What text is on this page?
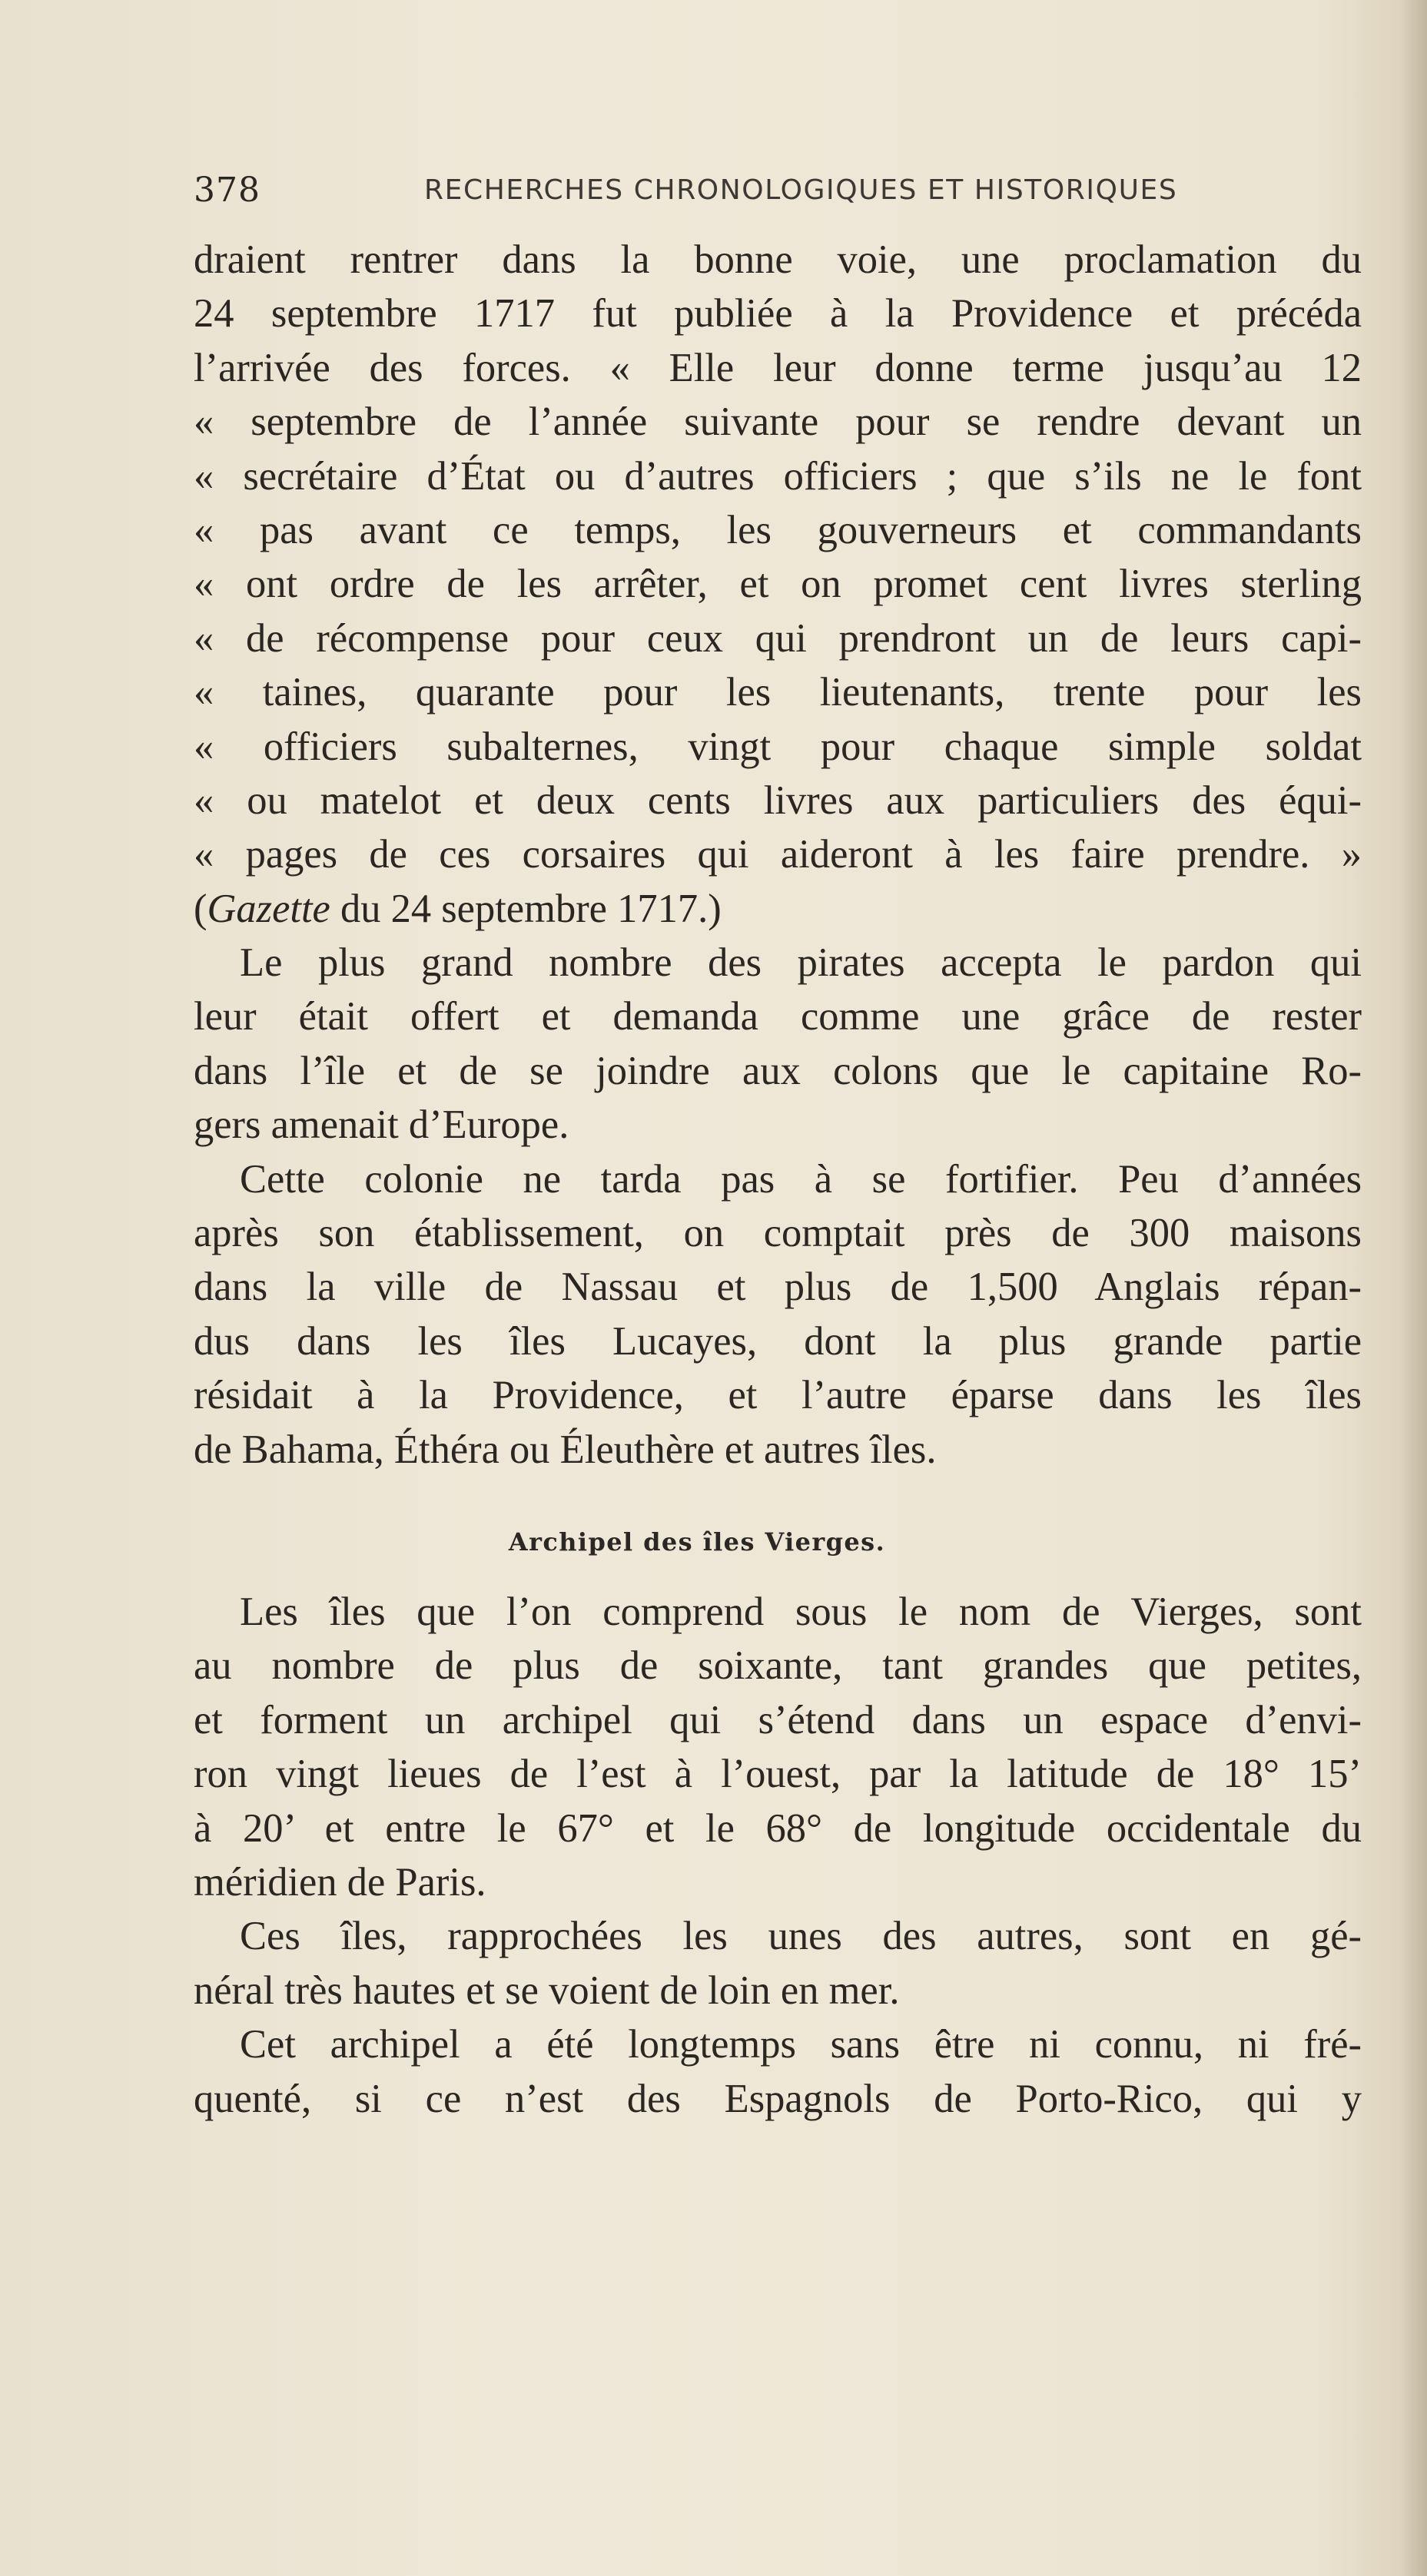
378	RECHERCHES CHRONOLOGIQUES ET HISTORIQUES
draient rentrer dans la bonne voie, une proclamation du
24 septembre 1717 fut publiée à la Providence et précéda
l’arrivée des forces. « Elle leur donne terme jusqu’au 12
« septembre de l’année suivante pour se rendre devant un
« secrétaire d’État ou d’autres officiers ; que s’ils ne le font
« pas avant ce temps, les gouverneurs et commandants
« ont ordre de les arrêter, et on promet cent livres sterling
« de récompense pour ceux qui prendront un de leurs capi-
« taines, quarante pour les lieutenants, trente pour les
« officiers subalternes, vingt pour chaque simple soldat
« ou matelot et deux cents livres aux particuliers des équi-
« pages de ces corsaires qui aideront à les faire prendre. »
(Gazette du 24 septembre 1717.)
Le plus grand nombre des pirates accepta le pardon qui
leur était offert et demanda comme une grâce de rester
dans l’île et de se joindre aux colons que le capitaine Ro-
gers amenait d’Europe.
Cette colonie ne tarda pas à se fortifier. Peu d’années
après son établissement, on comptait près de 300 maisons
dans la ville de Nassau et plus de 1,500 Anglais répan-
dus dans les îles Lucayes, dont la plus grande partie
résidait à la Providence, et l’autre éparse dans les îles
de Bahama, Éthéra ou Éleuthère et autres îles.
Archipel des îles Vierges.
Les îles que l’on comprend sous le nom de Vierges, sont
au nombre de plus de soixante, tant grandes que petites,
et forment un archipel qui s’étend dans un espace d’envi-
ron vingt lieues de l’est à l’ouest, par la latitude de 18° 15’
à 20’ et entre le 67° et le 68° de longitude occidentale du
méridien de Paris.
Ces îles, rapprochées les unes des autres, sont en gé-
néral très hautes et se voient de loin en mer.
Cet archipel a été longtemps sans être ni connu, ni fré-
quenté, si ce n’est des Espagnols de Porto-Rico, qui y
